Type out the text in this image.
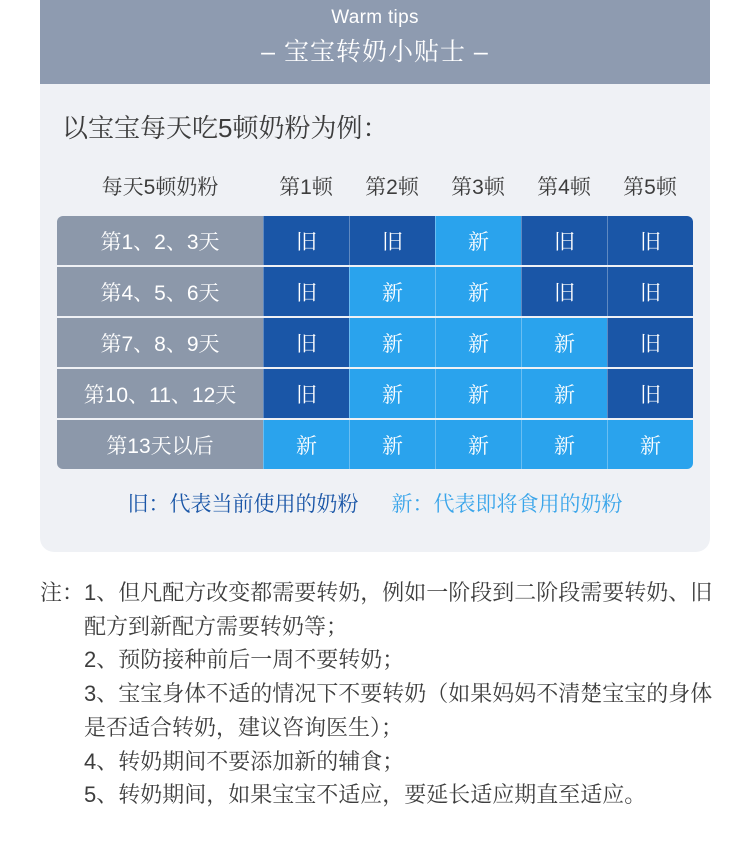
Warm tips
– 宝宝转奶小贴士 –
以宝宝每天吃5顿奶粉为例：
每天5顿奶粉	第1顿	第2顿	第3顿	第4顿	第5顿
第1、2、3天	旧	旧	新	旧	旧
第4、5、6天	旧	新	新	旧	旧
第7、8、9天	旧	新	新	新	旧
第10、11、12天	旧	新	新	新	旧
第13天以后	新	新	新	新	新
旧：代表当前使用的奶粉 新：代表即将食用的奶粉
注： 1、但凡配方改变都需要转奶，例如一阶段到二阶段需要转奶、旧
配方到新配方需要转奶等；
2、预防接种前后一周不要转奶；
3、宝宝身体不适的情况下不要转奶（如果妈妈不清楚宝宝的身体
是否适合转奶，建议咨询医生）；
4、转奶期间不要添加新的辅食；
5、转奶期间，如果宝宝不适应，要延长适应期直至适应。
